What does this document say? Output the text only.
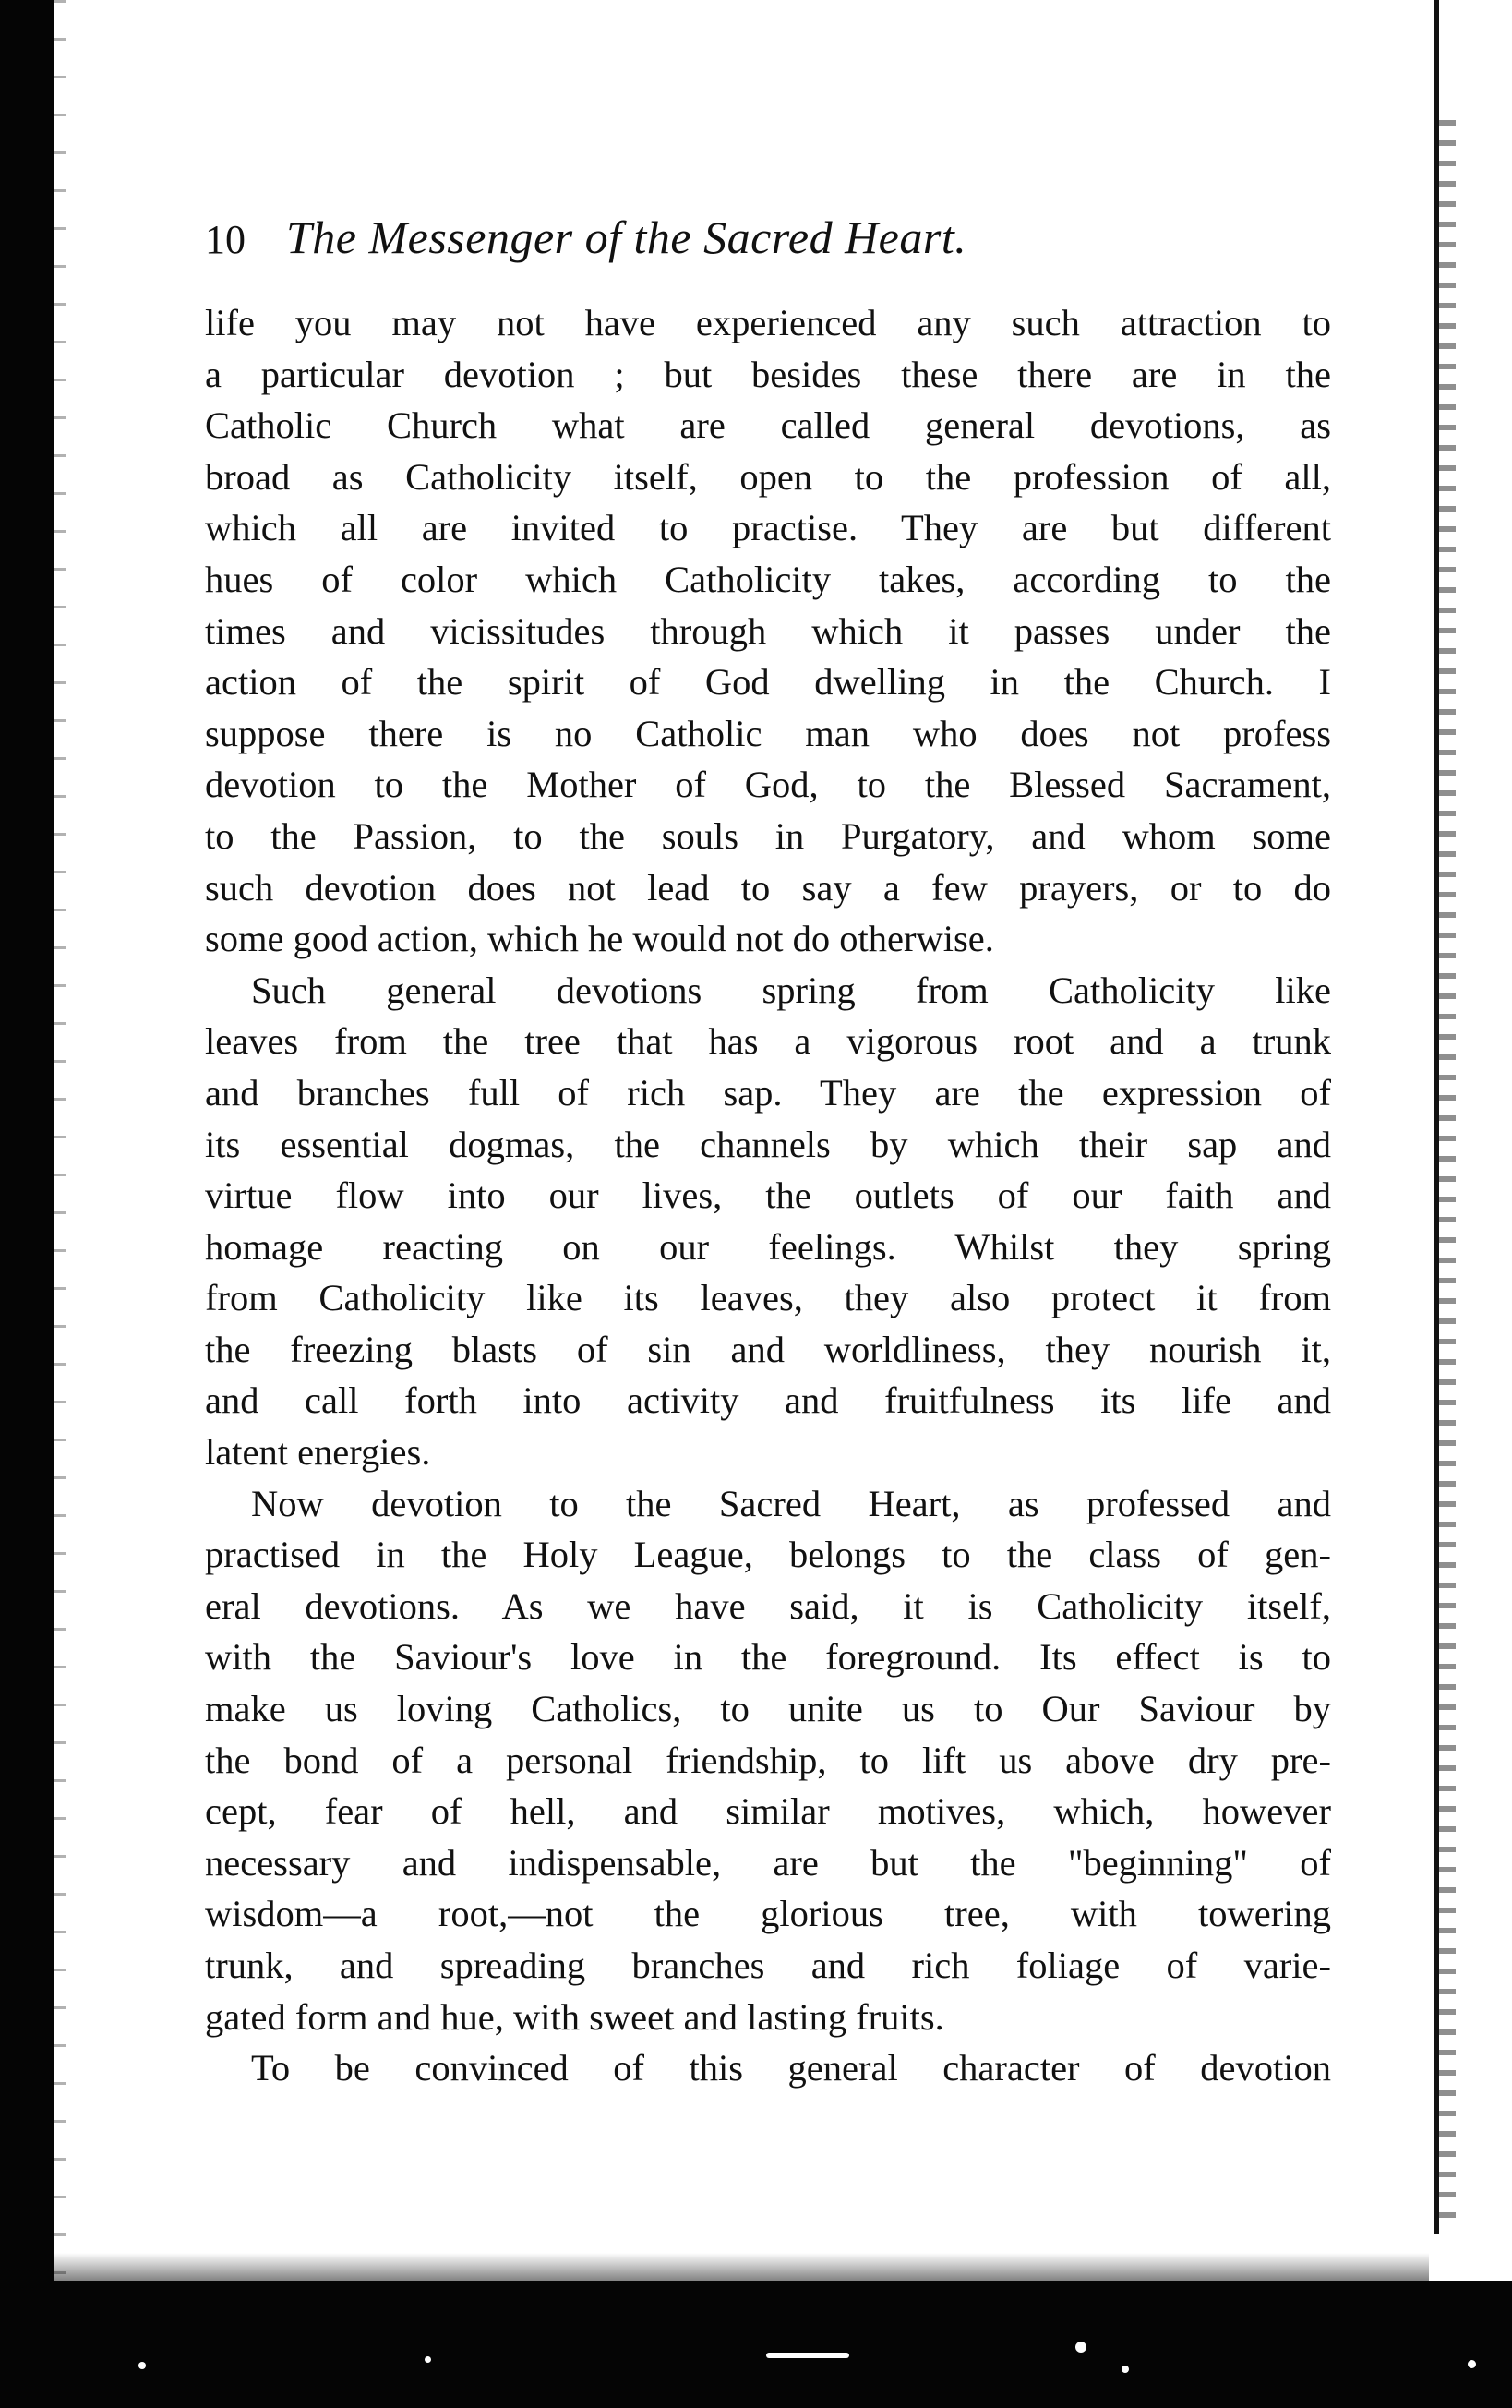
10 The Messenger of the Sacred Heart.
life you may not have experienced any such attraction to
a particular devotion ; but besides these there are in the
Catholic Church what are called general devotions, as
broad as Catholicity itself, open to the profession of all,
which all are invited to practise. They are but different
hues of color which Catholicity takes, according to the
times and vicissitudes through which it passes under the
action of the spirit of God dwelling in the Church. I
suppose there is no Catholic man who does not profess
devotion to the Mother of God, to the Blessed Sacrament,
to the Passion, to the souls in Purgatory, and whom some
such devotion does not lead to say a few prayers, or to do
some good action, which he would not do otherwise.
Such general devotions spring from Catholicity like
leaves from the tree that has a vigorous root and a trunk
and branches full of rich sap. They are the expression of
its essential dogmas, the channels by which their sap and
virtue flow into our lives, the outlets of our faith and
homage reacting on our feelings. Whilst they spring
from Catholicity like its leaves, they also protect it from
the freezing blasts of sin and worldliness, they nourish it,
and call forth into activity and fruitfulness its life and
latent energies.
Now devotion to the Sacred Heart, as professed and
practised in the Holy League, belongs to the class of gen-
eral devotions. As we have said, it is Catholicity itself,
with the Saviour's love in the foreground. Its effect is to
make us loving Catholics, to unite us to Our Saviour by
the bond of a personal friendship, to lift us above dry pre-
cept, fear of hell, and similar motives, which, however
necessary and indispensable, are but the "beginning" of
wisdom—a root,—not the glorious tree, with towering
trunk, and spreading branches and rich foliage of varie-
gated form and hue, with sweet and lasting fruits.
To be convinced of this general character of devotion
